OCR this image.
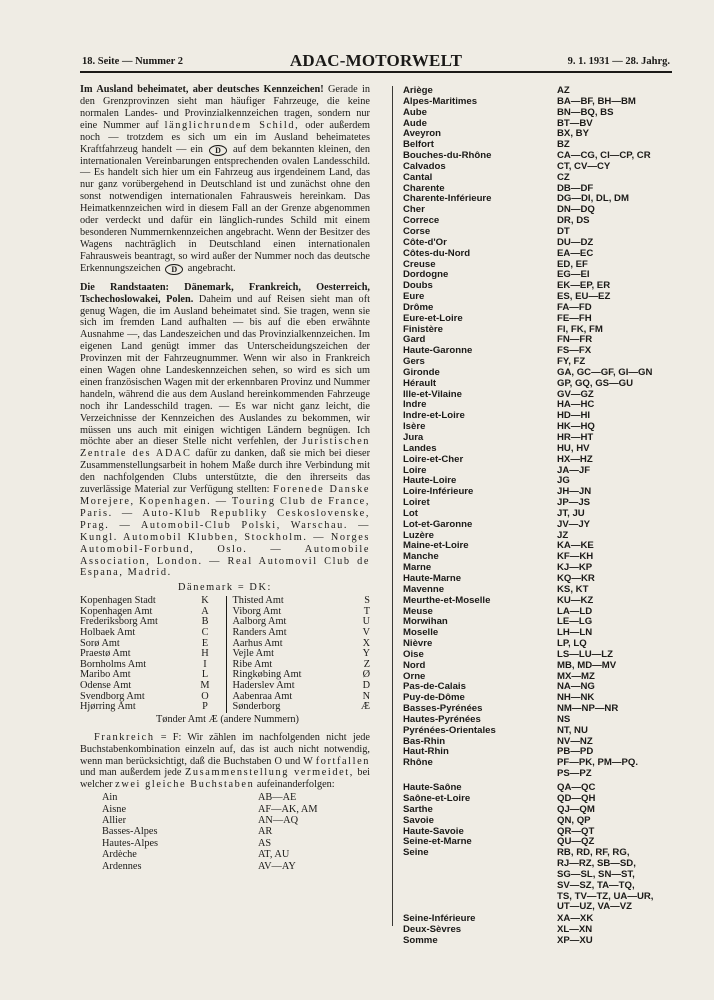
18. Seite — Nummer 2	ADAC-MOTORWELT	9. 1. 1931 — 28. Jahrg.

Im Ausland beheimatet, aber deutsches Kennzeichen! Gerade in den Grenzprovinzen sieht man häufiger Fahrzeuge, die keine normalen Landes- und Provinzialkennzeichen tragen, sondern nur eine Nummer auf länglichrundem Schild, oder außerdem noch — trotzdem es sich um ein im Ausland beheimatetes Kraftfahrzeug handelt — ein D auf dem bekannten kleinen, den internationalen Vereinbarungen entsprechenden ovalen Landesschild. — Es handelt sich hier um ein Fahrzeug aus irgendeinem Land, das nur ganz vorübergehend in Deutschland ist und zunächst ohne den sonst notwendigen internationalen Fahrausweis hereinkam. Das Heimatkennzeichen wird in diesem Fall an der Grenze abgenommen oder verdeckt und dafür ein länglich-rundes Schild mit einem besonderen Nummernkennzeichen angebracht. Wenn der Besitzer des Wagens nachträglich in Deutschland einen internationalen Fahrausweis beantragt, so wird außer der Nummer noch das deutsche Erkennungszeichen D angebracht.

Die Randstaaten: Dänemark, Frankreich, Oesterreich, Tschechoslowakei, Polen. Daheim und auf Reisen sieht man oft genug Wagen, die im Ausland beheimatet sind. Sie tragen, wenn sie sich im fremden Land aufhalten — bis auf die eben erwähnte Ausnahme —, das Landeszeichen und das Provinzialkennzeichen. Im eigenen Land genügt immer das Unterscheidungszeichen der Provinzen mit der Fahrzeugnummer. Wenn wir also in Frankreich einen Wagen ohne Landeskennzeichen sehen, so wird es sich um einen französischen Wagen mit der erkennbaren Provinz und Nummer handeln, während die aus dem Ausland hereinkommenden Fahrzeuge noch ihr Landesschild tragen. — Es war nicht ganz leicht, die Verzeichnisse der Kennzeichen des Auslandes zu bekommen, wir müssen uns auch mit einigen wichtigen Ländern begnügen. Ich möchte aber an dieser Stelle nicht verfehlen, der Juristischen Zentrale des ADAC dafür zu danken, daß sie mich bei dieser Zusammenstellungsarbeit in hohem Maße durch ihre Verbindung mit den nachfolgenden Clubs unterstützte, die den ihrerseits das zuverlässige Material zur Verfügung stellten: Forenede Danske Morejere, Kopenhagen. — Touring Club de France, Paris. — Auto-Klub Republiky Ceskoslovenske, Prag. — Automobil-Club Polski, Warschau. — Kungl. Automobil Klubben, Stockholm. — Norges Automobil-Forbund, Oslo. — Automobile Association, London. — Real Automovil Club de Espana, Madrid.

Dänemark = DK:
Kopenhagen Stadt	K		Thisted Amt	S
Kopenhagen Amt	A		Viborg Amt	T
Frederiksborg Amt	B		Aalborg Amt	U
Holbaek Amt	C		Randers Amt	V
Sorø Amt	E		Aarhus Amt	X
Praestø Amt	H		Vejle Amt	Y
Bornholms Amt	I		Ribe Amt	Z
Maribo Amt	L		Ringkøbing Amt	Ø
Odense Amt	M		Haderslev Amt	D
Svendborg Amt	O		Aabenraa Amt	N
Hjørring Amt	P		Sønderborg	Æ
Tønder Amt Æ (andere Nummern)

Frankreich = F: Wir zählen im nachfolgenden nicht jede Buchstabenkombination einzeln auf, das ist auch nicht notwendig, wenn man berücksichtigt, daß die Buchstaben O und W fortfallen und man außerdem jede Zusammenstellung vermeidet, bei welcher zwei gleiche Buchstaben aufeinanderfolgen:

Ain	AB—AE
Aisne	AF—AK, AM
Allier	AN—AQ
Basses-Alpes	AR
Hautes-Alpes	AS
Ardèche	AT, AU
Ardennes	AV—AY
Ariège	AZ
Alpes-Maritimes	BA—BF, BH—BM
Aube	BN—BQ, BS
Aude	BT—BV
Aveyron	BX, BY
Belfort	BZ
Bouches-du-Rhône	CA—CG, CI—CP, CR
Calvados	CT, CV—CY
Cantal	CZ
Charente	DB—DF
Charente-Inférieure	DG—DI, DL, DM
Cher	DN—DQ
Correce	DR, DS
Corse	DT
Côte-d'Or	DU—DZ
Côtes-du-Nord	EA—EC
Creuse	ED, EF
Dordogne	EG—EI
Doubs	EK—EP, ER
Eure	ES, EU—EZ
Drôme	FA—FD
Eure-et-Loire	FE—FH
Finistère	FI, FK, FM
Gard	FN—FR
Haute-Garonne	FS—FX
Gers	FY, FZ
Gironde	GA, GC—GF, GI—GN
Hérault	GP, GQ, GS—GU
Ille-et-Vilaine	GV—GZ
Indre	HA—HC
Indre-et-Loire	HD—HI
Isère	HK—HQ
Jura	HR—HT
Landes	HU, HV
Loire-et-Cher	HX—HZ
Loire	JA—JF
Haute-Loire	JG
Loire-Inférieure	JH—JN
Loiret	JP—JS
Lot	JT, JU
Lot-et-Garonne	JV—JY
Luzère	JZ
Maine-et-Loire	KA—KE
Manche	KF—KH
Marne	KJ—KP
Haute-Marne	KQ—KR
Mavenne	KS, KT
Meurthe-et-Moselle	KU—KZ
Meuse	LA—LD
Morwihan	LE—LG
Moselle	LH—LN
Nièvre	LP, LQ
Oise	LS—LU—LZ
Nord	MB, MD—MV
Orne	MX—MZ
Pas-de-Calais	NA—NG
Puy-de-Dôme	NH—NK
Basses-Pyrénées	NM—NP—NR
Hautes-Pyrénées	NS
Pyrénées-Orientales	NT, NU
Bas-Rhin	NV—NZ
Haut-Rhin	PB—PD
Rhône	PF—PK, PM—PQ.
	PS—PZ
Haute-Saône	QA—QC
Saône-et-Loire	QD—QH
Sarthe	QJ—QM
Savoie	QN, QP
Haute-Savoie	QR—QT
Seine-et-Marne	QU—QZ
Seine	RB, RD, RF, RG,
	RJ—RZ, SB—SD,
	SG—SL, SN—ST,
	SV—SZ, TA—TQ,
	TS, TV—TZ, UA—UR,
	UT—UZ, VA—VZ
Seine-Inférieure	XA—XK
Deux-Sèvres	XL—XN
Somme	XP—XU
